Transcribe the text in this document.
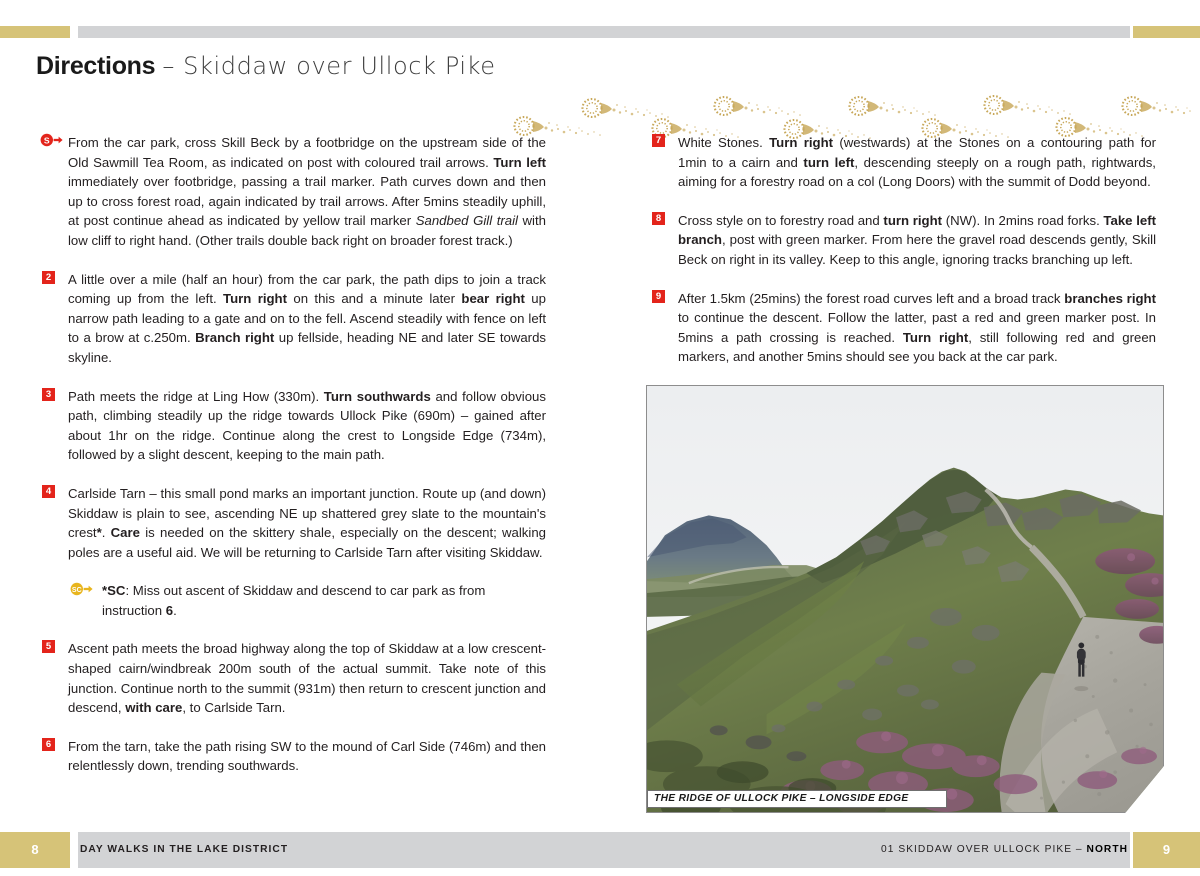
Directions – Skiddaw over Ullock Pike
S From the car park, cross Skill Beck by a footbridge on the upstream side of the Old Sawmill Tea Room, as indicated on post with coloured trail arrows. Turn left immediately over footbridge, passing a trail marker. Path curves down and then up to cross forest road, again indicated by trail arrows. After 5mins steadily uphill, at post continue ahead as indicated by yellow trail marker Sandbed Gill trail with low cliff to right hand. (Other trails double back right on broader forest track.)
2 A little over a mile (half an hour) from the car park, the path dips to join a track coming up from the left. Turn right on this and a minute later bear right up narrow path leading to a gate and on to the fell. Ascend steadily with fence on left to a brow at c.250m. Branch right up fellside, heading NE and later SE towards skyline.
3 Path meets the ridge at Ling How (330m). Turn southwards and follow obvious path, climbing steadily up the ridge towards Ullock Pike (690m) – gained after about 1hr on the ridge. Continue along the crest to Longside Edge (734m), followed by a slight descent, keeping to the main path.
4 Carlside Tarn – this small pond marks an important junction. Route up (and down) Skiddaw is plain to see, ascending NE up shattered grey slate to the mountain's crest*. Care is needed on the skittery shale, especially on the descent; walking poles are a useful aid. We will be returning to Carlside Tarn after visiting Skiddaw.
SC *SC: Miss out ascent of Skiddaw and descend to car park as from instruction 6.
5 Ascent path meets the broad highway along the top of Skiddaw at a low crescent-shaped cairn/windbreak 200m south of the actual summit. Take note of this junction. Continue north to the summit (931m) then return to crescent junction and descend, with care, to Carlside Tarn.
6 From the tarn, take the path rising SW to the mound of Carl Side (746m) and then relentlessly down, trending southwards.
7 White Stones. Turn right (westwards) at the Stones on a contouring path for 1min to a cairn and turn left, descending steeply on a rough path, rightwards, aiming for a forestry road on a col (Long Doors) with the summit of Dodd beyond.
8 Cross style on to forestry road and turn right (NW). In 2mins road forks. Take left branch, post with green marker. From here the gravel road descends gently, Skill Beck on right in its valley. Keep to this angle, ignoring tracks branching up left.
9 After 1.5km (25mins) the forest road curves left and a broad track branches right to continue the descent. Follow the latter, past a red and green marker post. In 5mins a path crossing is reached. Turn right, still following red and green markers, and another 5mins should see you back at the car park.
THE RIDGE OF ULLOCK PIKE – LONGSIDE EDGE
8	DAY WALKS IN THE LAKE DISTRICT	01 SKIDDAW OVER ULLOCK PIKE – NORTH	9
